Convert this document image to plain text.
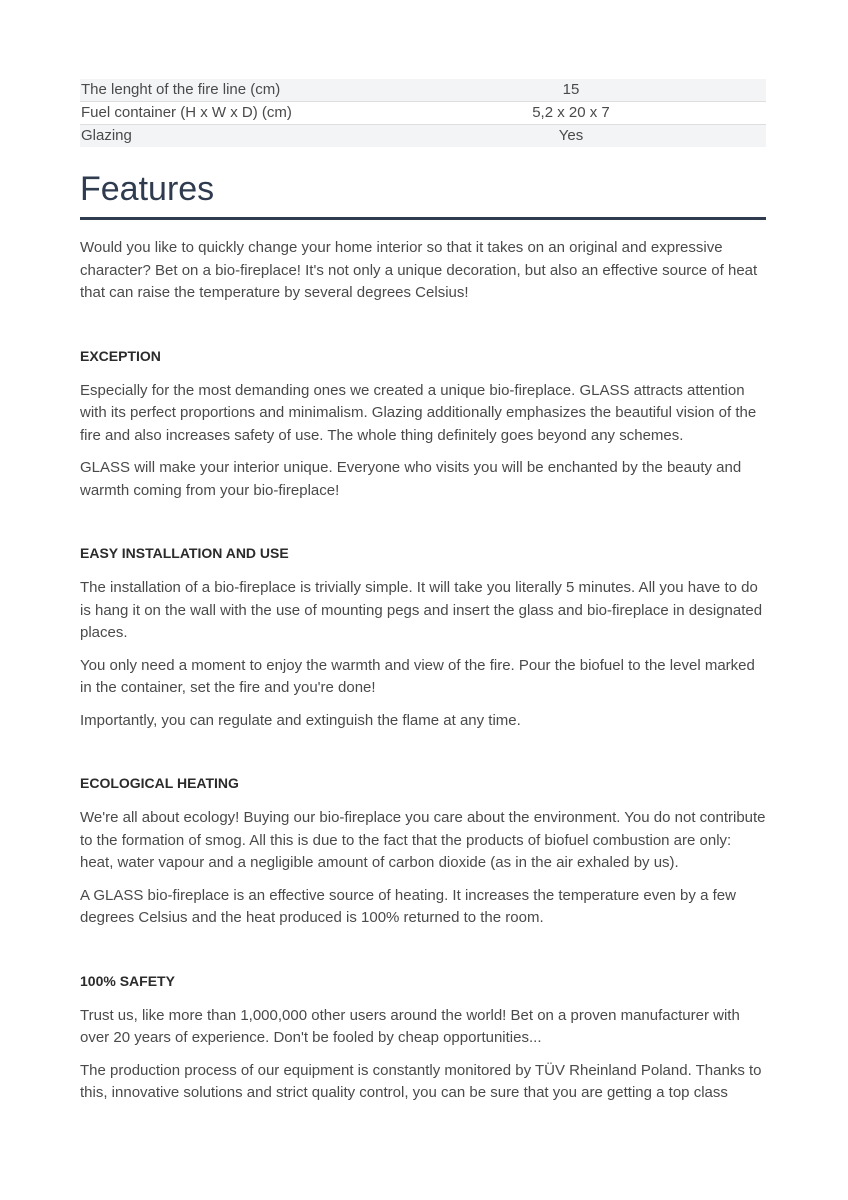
The lenght of the fire line (cm)	15
Fuel container (H x W x D) (cm)	5,2 x 20 x 7
Glazing	Yes
Features

Would you like to quickly change your home interior so that it takes on an original and expressive character? Bet on a bio-fireplace! It's not only a unique decoration, but also an effective source of heat that can raise the temperature by several degrees Celsius!

EXCEPTION

Especially for the most demanding ones we created a unique bio-fireplace. GLASS attracts attention with its perfect proportions and minimalism. Glazing additionally emphasizes the beautiful vision of the fire and also increases safety of use. The whole thing definitely goes beyond any schemes.

GLASS will make your interior unique. Everyone who visits you will be enchanted by the beauty and warmth coming from your bio-fireplace!

EASY INSTALLATION AND USE

The installation of a bio-fireplace is trivially simple. It will take you literally 5 minutes. All you have to do is hang it on the wall with the use of mounting pegs and insert the glass and bio-fireplace in designated places.

You only need a moment to enjoy the warmth and view of the fire. Pour the biofuel to the level marked in the container, set the fire and you're done!

Importantly, you can regulate and extinguish the flame at any time.

ECOLOGICAL HEATING

We're all about ecology! Buying our bio-fireplace you care about the environment. You do not contribute to the formation of smog. All this is due to the fact that the products of biofuel combustion are only: heat, water vapour and a negligible amount of carbon dioxide (as in the air exhaled by us).

A GLASS bio-fireplace is an effective source of heating. It increases the temperature even by a few degrees Celsius and the heat produced is 100% returned to the room.

100% SAFETY

Trust us, like more than 1,000,000 other users around the world! Bet on a proven manufacturer with over 20 years of experience. Don't be fooled by cheap opportunities...

The production process of our equipment is constantly monitored by TÜV Rheinland Poland. Thanks to this, innovative solutions and strict quality control, you can be sure that you are getting a top class
